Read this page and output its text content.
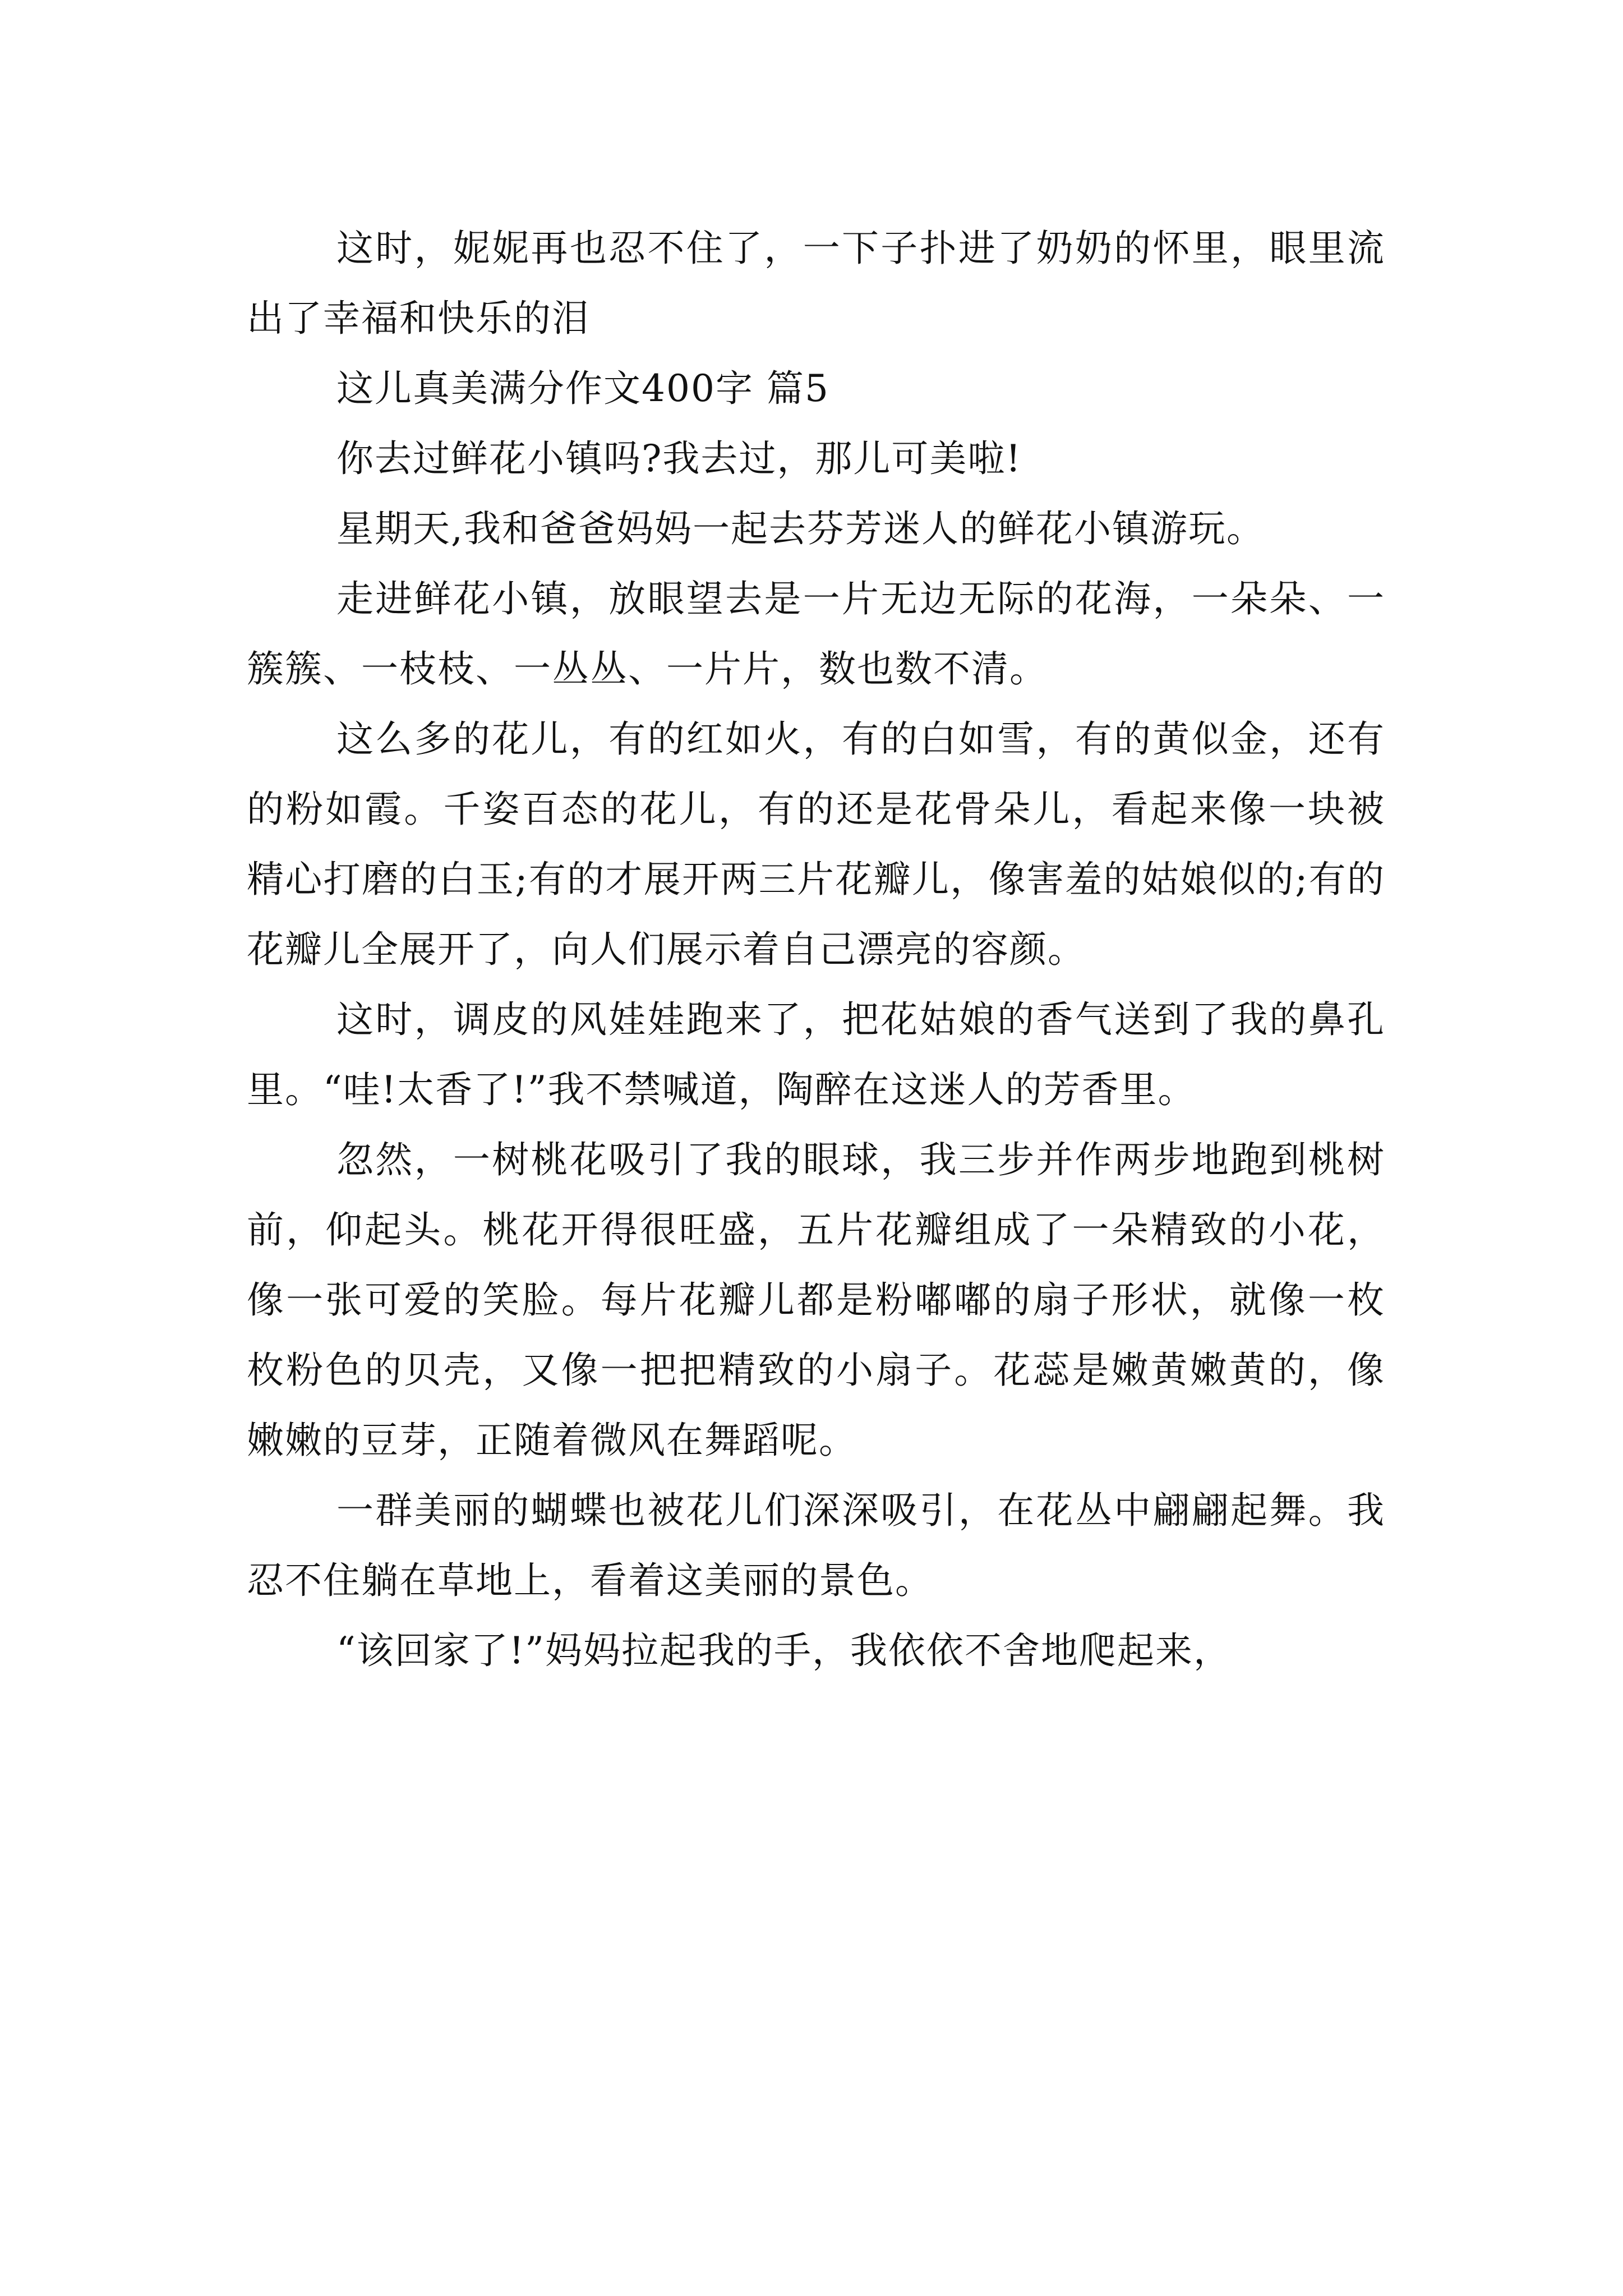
这时，妮妮再也忍不住了，一下子扑进了奶奶的怀里，眼里流出了幸福和快乐的泪

这儿真美满分作文400字 篇5

你去过鲜花小镇吗?我去过，那儿可美啦!

星期天,我和爸爸妈妈一起去芬芳迷人的鲜花小镇游玩。

走进鲜花小镇，放眼望去是一片无边无际的花海，一朵朵、一簇簇、一枝枝、一丛丛、一片片，数也数不清。

这么多的花儿，有的红如火，有的白如雪，有的黄似金，还有的粉如霞。千姿百态的花儿，有的还是花骨朵儿，看起来像一块被精心打磨的白玉;有的才展开两三片花瓣儿，像害羞的姑娘似的;有的花瓣儿全展开了，向人们展示着自己漂亮的容颜。

这时，调皮的风娃娃跑来了，把花姑娘的香气送到了我的鼻孔里。“哇!太香了!”我不禁喊道，陶醉在这迷人的芳香里。

忽然，一树桃花吸引了我的眼球，我三步并作两步地跑到桃树前，仰起头。桃花开得很旺盛，五片花瓣组成了一朵精致的小花，像一张可爱的笑脸。每片花瓣儿都是粉嘟嘟的扇子形状，就像一枚枚粉色的贝壳，又像一把把精致的小扇子。花蕊是嫩黄嫩黄的，像嫩嫩的豆芽，正随着微风在舞蹈呢。

一群美丽的蝴蝶也被花儿们深深吸引，在花丛中翩翩起舞。我忍不住躺在草地上，看着这美丽的景色。

“该回家了!”妈妈拉起我的手，我依依不舍地爬起来，
